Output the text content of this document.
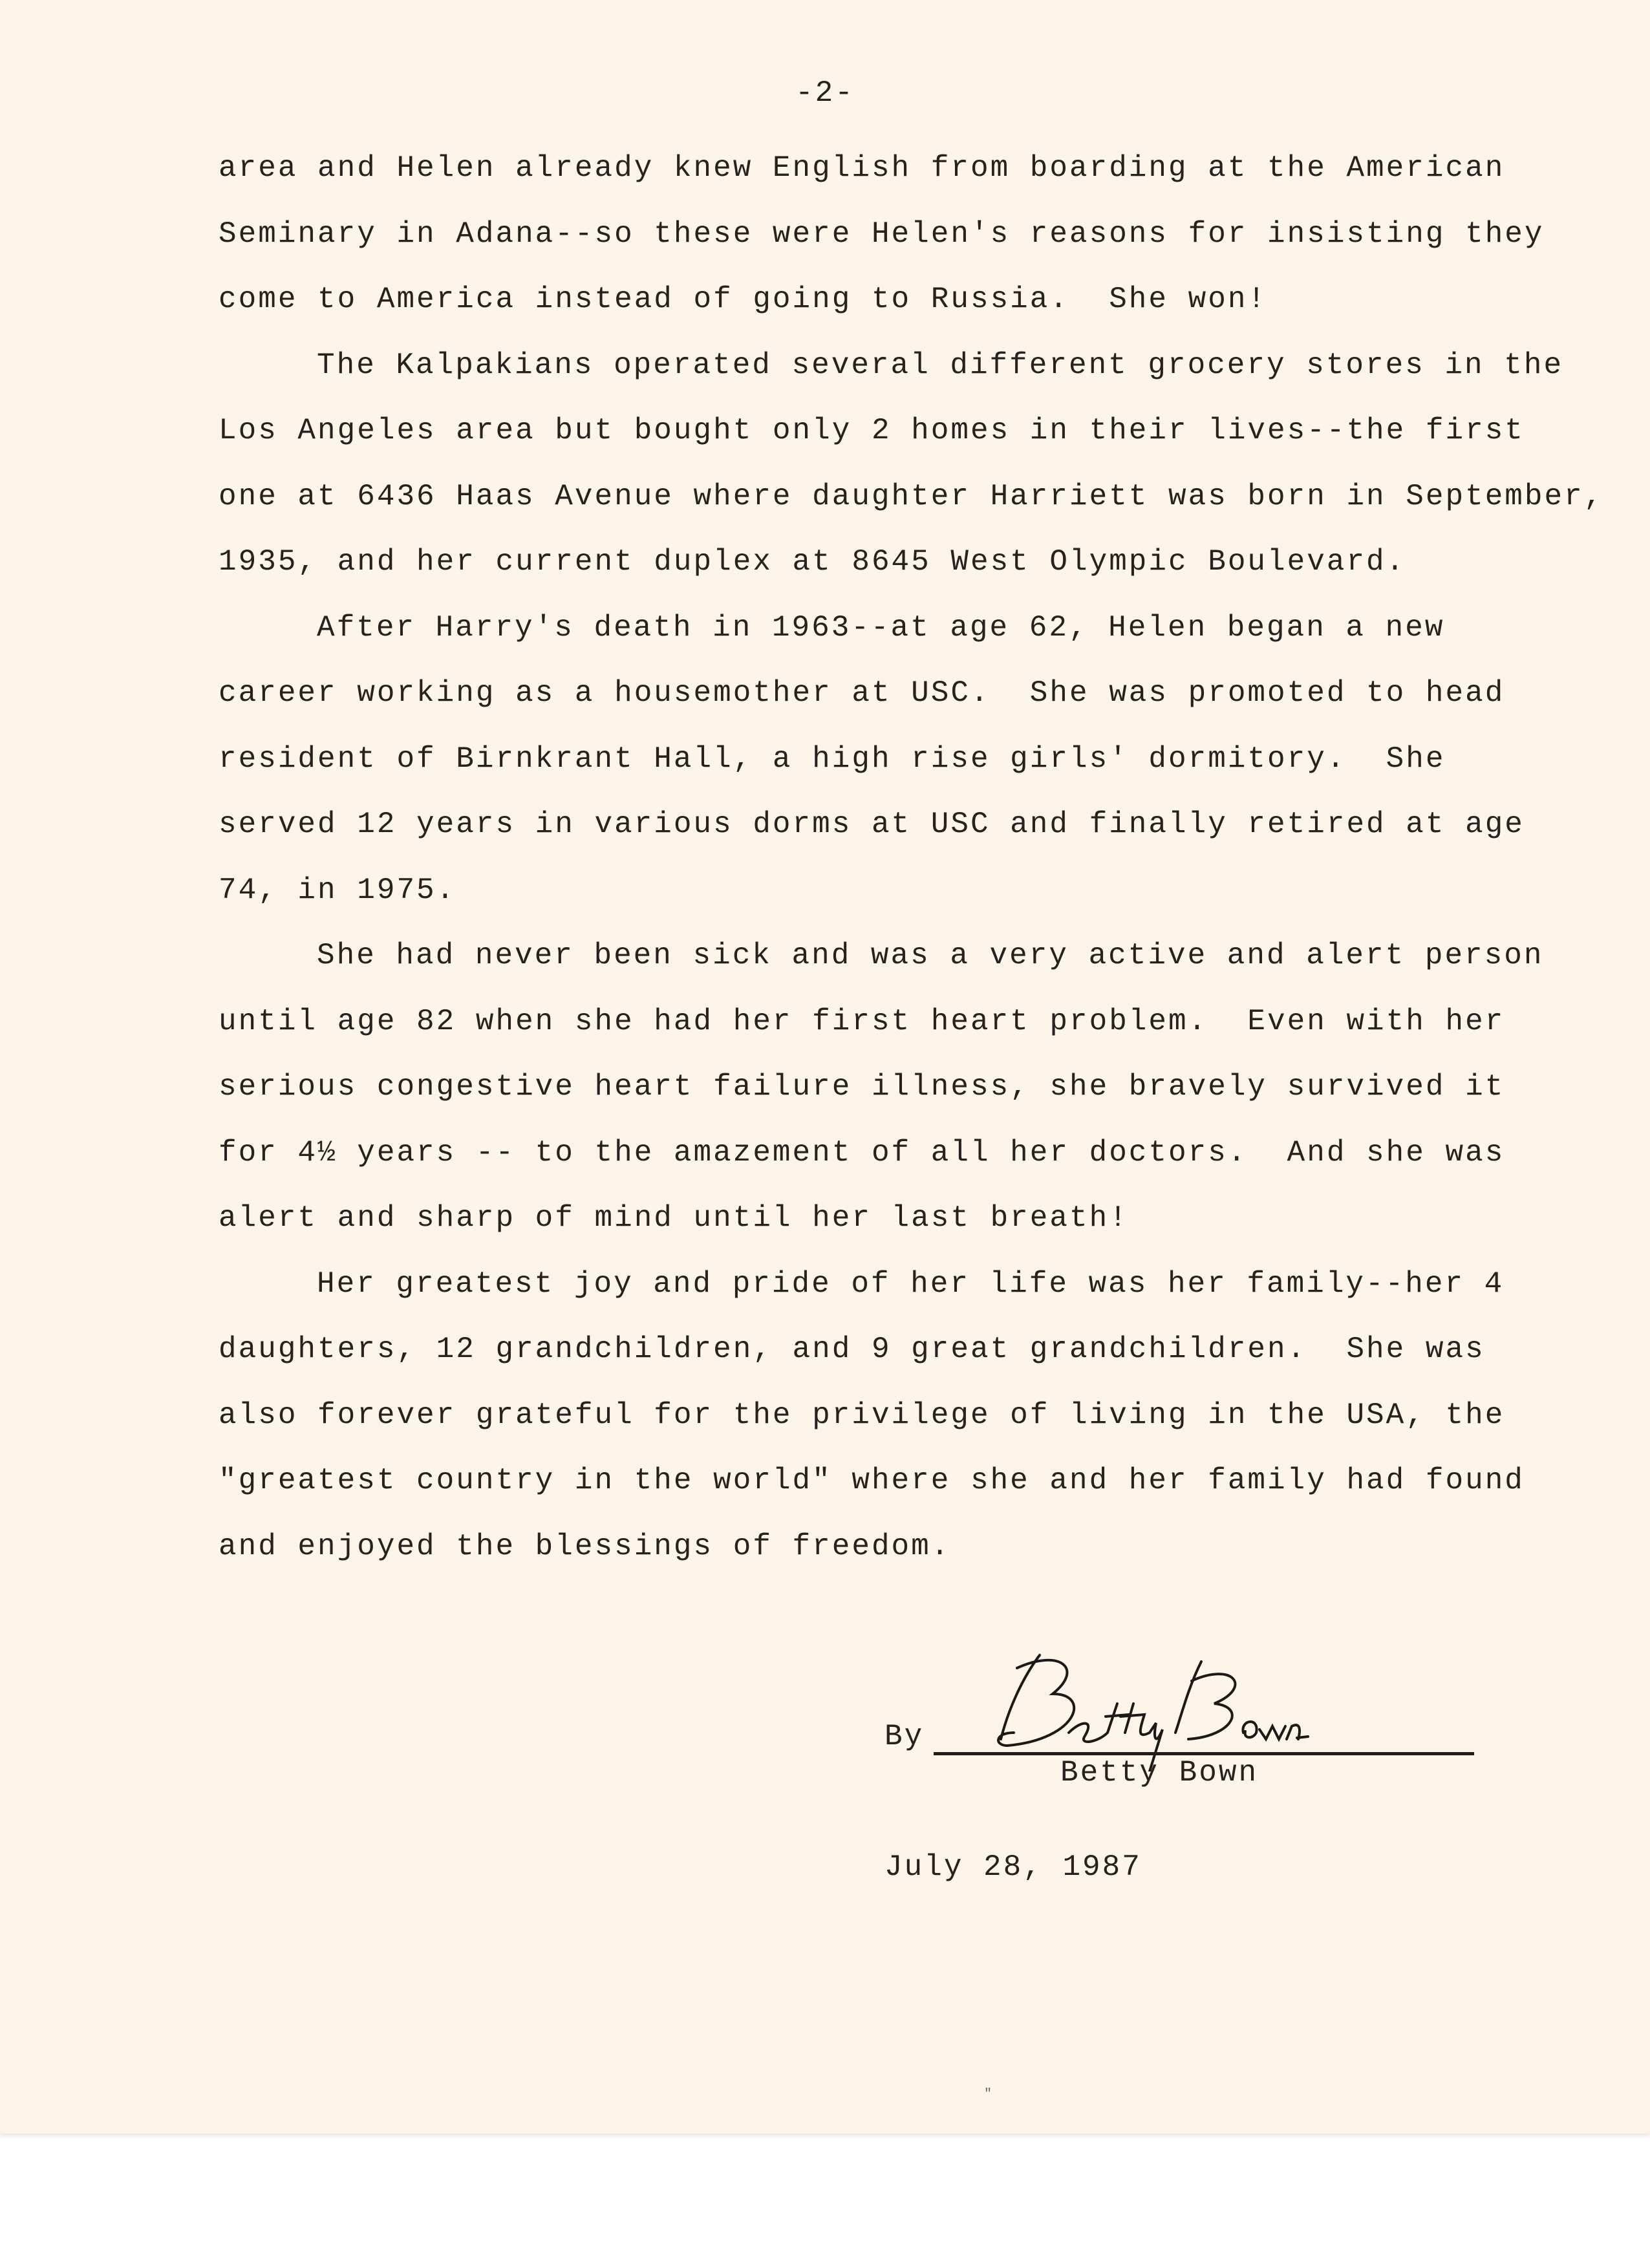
-2-
area and Helen already knew English from boarding at the American
Seminary in Adana--so these were Helen's reasons for insisting they
come to America instead of going to Russia.  She won!
The Kalpakians operated several different grocery stores in the
Los Angeles area but bought only 2 homes in their lives--the first
one at 6436 Haas Avenue where daughter Harriett was born in September,
1935, and her current duplex at 8645 West Olympic Boulevard.
After Harry's death in 1963--at age 62, Helen began a new
career working as a housemother at USC.  She was promoted to head
resident of Birnkrant Hall, a high rise girls' dormitory.  She
served 12 years in various dorms at USC and finally retired at age
74, in 1975.
She had never been sick and was a very active and alert person
until age 82 when she had her first heart problem.  Even with her
serious congestive heart failure illness, she bravely survived it
for 4½ years -- to the amazement of all her doctors.  And she was
alert and sharp of mind until her last breath!
Her greatest joy and pride of her life was her family--her 4
daughters, 12 grandchildren, and 9 great grandchildren.  She was
also forever grateful for the privilege of living in the USA, the
"greatest country in the world" where she and her family had found
and enjoyed the blessings of freedom.
By
Betty Bown
July 28, 1987
"
